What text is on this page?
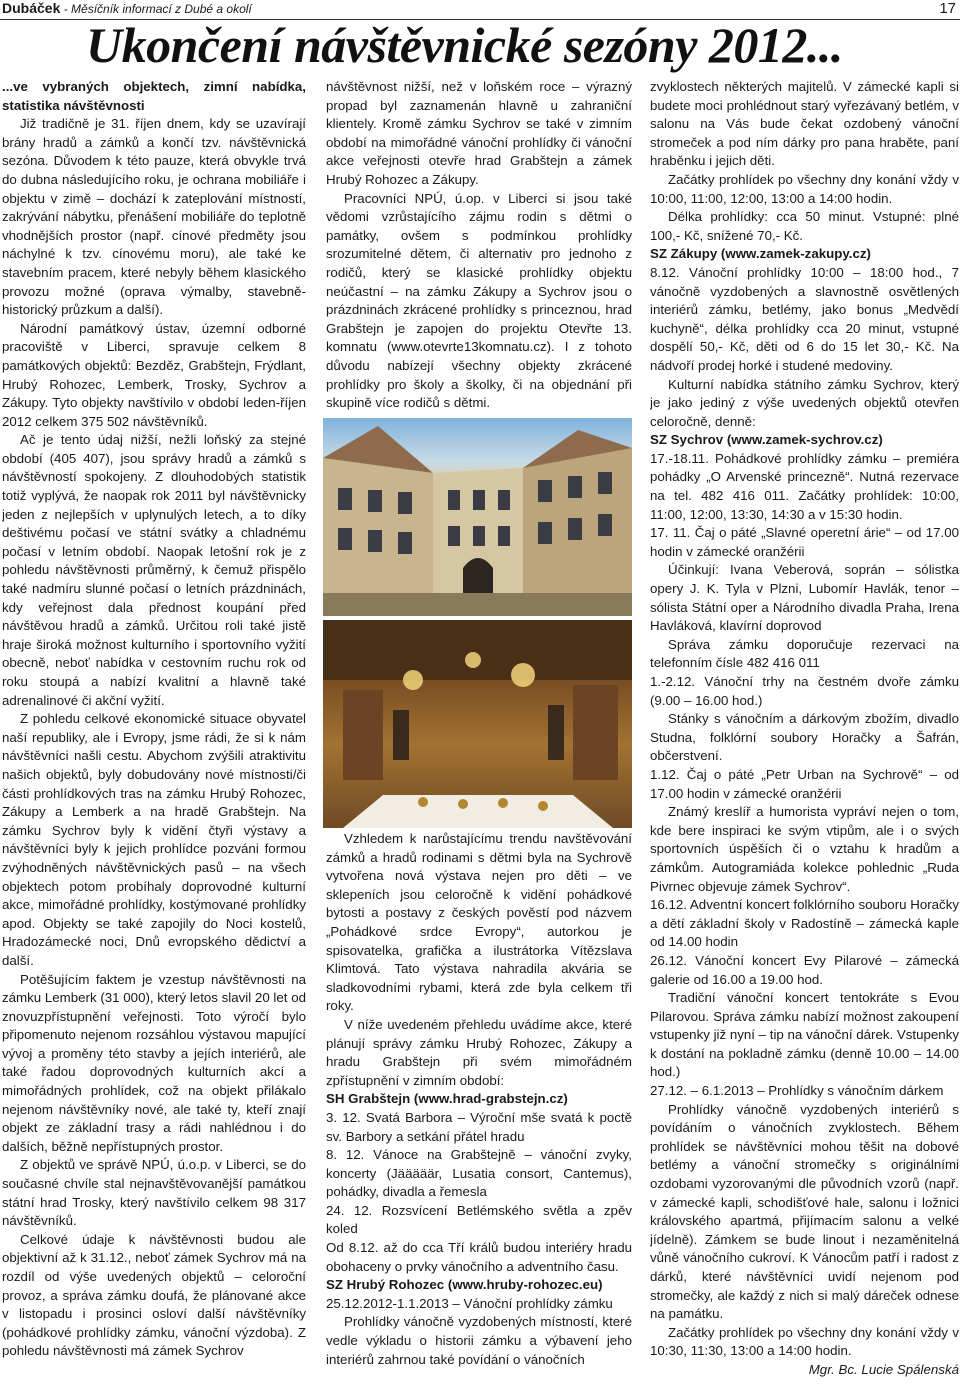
Dubáček - Měsíčník informací z Dubé a okolí	17
Ukončení návštěvnické sezóny 2012...

...ve vybraných objektech, zimní nabídka, statistika návštěvnosti

Již tradičně je 31. říjen dnem, kdy se uzavírají brány hradů a zámků a končí tzv. návštěvnická sezóna. Důvodem k této pauze, která obvykle trvá do dubna následujícího roku, je ochrana mobiliáře i objektu v zimě – dochází k zateplování místností, zakrývání nábytku, přenášení mobiliáře do teplotně vhodnějších prostor (např. cínové předměty jsou náchylné k tzv. cínovému moru), ale také ke stavebním pracem, které nebyly během klasického provozu možné (oprava výmalby, stavebně-historický průzkum a další).

Národní památkový ústav, územní odborné pracoviště v Liberci, spravuje celkem 8 památkových objektů: Bezděz, Grabštejn, Frýdlant, Hrubý Rohozec, Lemberk, Trosky, Sychrov a Zákupy. Tyto objekty navštívilo v období leden-říjen 2012 celkem 375 502 návštěvníků.

Ač je tento údaj nižší, nežli loňský za stejné období (405 407), jsou správy hradů a zámků s návštěvností spokojeny. Z dlouhodobých statistik totiž vyplývá, že naopak rok 2011 byl návštěvnicky jeden z nejlepších v uplynulých letech, a to díky deštivému počasí ve státní svátky a chladnému počasí v letním období. Naopak letošní rok je z pohledu návštěvnosti průměrný, k čemuž přispělo také nadmíru slunné počasí o letních prázdninách, kdy veřejnost dala přednost koupání před návštěvou hradů a zámků. Určitou roli také jistě hraje široká možnost kulturního i sportovního vyžití obecně, neboť nabídka v cestovním ruchu rok od roku stoupá a nabízí kvalitní a hlavně také adrenalinové či akční vyžití.

Z pohledu celkové ekonomické situace obyvatel naší republiky, ale i Evropy, jsme rádi, že si k nám návštěvníci našli cestu. Abychom zvýšili atraktivitu našich objektů, byly dobudovány nové místnosti/či části prohlídkových tras na zámku Hrubý Rohozec, Zákupy a Lemberk a na hradě Grabštejn. Na zámku Sychrov byly k vidění čtyři výstavy a návštěvníci byly k jejich prohlídce pozváni formou zvýhodněných návštěvnických pasů – na všech objektech potom probíhaly doprovodné kulturní akce, mimořádné prohlídky, kostýmované prohlídky apod. Objekty se také zapojily do Noci kostelů, Hradozámecké noci, Dnů evropského dědictví a další.

Potěšujícím faktem je vzestup návštěvnosti na zámku Lemberk (31 000), který letos slavil 20 let od znovuzpřístupnění veřejnosti. Toto výročí bylo připomenuto nejenom rozsáhlou výstavou mapující vývoj a proměny této stavby a jejích interiérů, ale také řadou doprovodných kulturních akcí a mimořádných prohlídek, což na objekt přilákalo nejenom návštěvníky nové, ale také ty, kteří znají objekt ze základní trasy a rádi nahlédnou i do dalších, běžně nepřístupných prostor.

Z objektů ve správě NPÚ, ú.o.p. v Liberci, se do současné chvíle stal nejnavštěvovanější památkou státní hrad Trosky, který navštívilo celkem 98 317 návštěvníků.

Celkové údaje k návštěvnosti budou ale objektivní až k 31.12., neboť zámek Sychrov má na rozdíl od výše uvedených objektů – celoroční provoz, a správa zámku doufá, že plánované akce v listopadu i prosinci osloví další návštěvníky (pohádkové prohlídky zámku, vánoční výzdoba). Z pohledu návštěvnosti má zámek Sychrov

návštěvnost nižší, než v loňském roce – výrazný propad byl zaznamenán hlavně u zahraniční klientely. Kromě zámku Sychrov se také v zimním období na mimořádné vánoční prohlídky či vánoční akce veřejnosti otevře hrad Grabštejn a zámek Hrubý Rohozec a Zákupy.

Pracovníci NPÚ, ú.op. v Liberci si jsou také vědomi vzrůstajícího zájmu rodin s dětmi o památky, ovšem s podmínkou prohlídky srozumitelné dětem, či alternativ pro jednoho z rodičů, který se klasické prohlídky objektu neúčastní – na zámku Zákupy a Sychrov jsou o prázdninách zkrácené prohlídky s princeznou, hrad Grabštejn je zapojen do projektu Otevřte 13. komnatu (www.otevrte13komnatu.cz). I z tohoto důvodu nabízejí všechny objekty zkrácené prohlídky pro školy a školky, či na objednání při skupině více rodičů s dětmi.

Vzhledem k narůstajícímu trendu navštěvování zámků a hradů rodinami s dětmi byla na Sychrově vytvořena nová výstava nejen pro děti – ve sklepeních jsou celoročně k vidění pohádkové bytosti a postavy z českých pověstí pod názvem „Pohádkové srdce Evropy“, autorkou je spisovatelka, grafička a ilustrátorka Vítězslava Klimtová. Tato výstava nahradila akvária se sladkovodními rybami, která zde byla celkem tři roky.

V níže uvedeném přehledu uvádíme akce, které plánují správy zámku Hrubý Rohozec, Zákupy a hradu Grabštejn při svém mimořádném zpřístupnění v zimním období:

SH Grabštejn (www.hrad-grabstejn.cz)

3. 12. Svatá Barbora – Výroční mše svatá k poctě sv. Barbory a setkání přátel hradu

8. 12. Vánoce na Grabštejně – vánoční zvyky, koncerty (Jääääär, Lusatia consort, Cantemus), pohádky, divadla a řemesla

24. 12. Rozsvícení Betlémského světla a zpěv koled

Od 8.12. až do cca Tří králů budou interiéry hradu obohaceny o prvky vánočního a adventního času.

SZ Hrubý Rohozec (www.hruby-rohozec.eu)

25.12.2012-1.1.2013 – Vánoční prohlídky zámku

Prohlídky vánočně vyzdobených místností, které vedle výkladu o historii zámku a výbavení jeho interiérů zahrnou také povídání o vánočních

zvyklostech některých majitelů. V zámecké kapli si budete moci prohlédnout starý vyřezávaný betlém, v salonu na Vás bude čekat ozdobený vánoční stromeček a pod ním dárky pro pana hraběte, paní hraběnku i jejich děti.

Začátky prohlídek po všechny dny konání vždy v 10:00, 11:00, 12:00, 13:00 a 14:00 hodin.

Délka prohlídky: cca 50 minut. Vstupné: plné 100,- Kč, snížené 70,- Kč.

SZ Zákupy (www.zamek-zakupy.cz)

8.12. Vánoční prohlídky 10:00 – 18:00 hod., 7 vánočně vyzdobených a slavnostně osvětlených interiérů zámku, betlémy, jako bonus „Medvědí kuchyně“, délka prohlídky cca 20 minut, vstupné dospělí 50,- Kč, děti od 6 do 15 let 30,- Kč. Na nádvoří prodej horké i studené medoviny.

Kulturní nabídka státního zámku Sychrov, který je jako jediný z výše uvedených objektů otevřen celoročně, denně:

SZ Sychrov (www.zamek-sychrov.cz)

17.-18.11. Pohádkové prohlídky zámku – premiéra pohádky „O Arvenské princezně“. Nutná rezervace na tel. 482 416 011. Začátky prohlídek: 10:00, 11:00, 12:00, 13:30, 14:30 a v 15:30 hodin.

17. 11. Čaj o páté „Slavné operetní árie“ – od 17.00 hodin v zámecké oranžérii

Účinkují: Ivana Veberová, soprán – sólistka opery J. K. Tyla v Plzni, Lubomír Havlák, tenor – sólista Státní oper a Národního divadla Praha, Irena Havláková, klavírní doprovod

Správa zámku doporučuje rezervaci na telefonním čísle 482 416 011

1.-2.12. Vánoční trhy na čestném dvoře zámku (9.00 – 16.00 hod.)

Stánky s vánočním a dárkovým zbožím, divadlo Studna, folklórní soubory Horačky a Šafrán, občerstvení.

1.12. Čaj o páté „Petr Urban na Sychrově“ – od 17.00 hodin v zámecké oranžérii

Známý kreslíř a humorista vypráví nejen o tom, kde bere inspiraci ke svým vtipům, ale i o svých sportovních úspěších či o vztahu k hradům a zámkům. Autogramiáda kolekce pohlednic „Ruda Pivrnec objevuje zámek Sychrov“.

16.12. Adventní koncert folklórního souboru Horačky a dětí základní školy v Radostíně – zámecká kaple od 14.00 hodin

26.12. Vánoční koncert Evy Pilarové – zámecká galerie od 16.00 a 19.00 hod.

Tradiční vánoční koncert tentokráte s Evou Pilarovou. Správa zámku nabízí možnost zakoupení vstupenky již nyní – tip na vánoční dárek. Vstupenky k dostání na pokladně zámku (denně 10.00 – 14.00 hod.)

27.12. – 6.1.2013 – Prohlídky s vánočním dárkem

Prohlídky vánočně vyzdobených interiérů s povídáním o vánočních zvyklostech. Během prohlídek se návštěvníci mohou těšit na dobové betlémy a vánoční stromečky s originálními ozdobami vyzorovanými dle původních vzorů (např. v zámecké kapli, schodišťové hale, salonu i ložnici královského apartmá, přijímacím salonu a velké jídelně). Zámkem se bude linout i nezaměnitelná vůně vánočního cukroví. K Vánocům patří i radost z dárků, které návštěvníci uvidí nejenom pod stromečky, ale každý z nich si malý dáreček odnese na památku.

Začátky prohlídek po všechny dny konání vždy v 10:30, 11:30, 13:00 a 14:00 hodin.

Mgr. Bc. Lucie Spálenská
